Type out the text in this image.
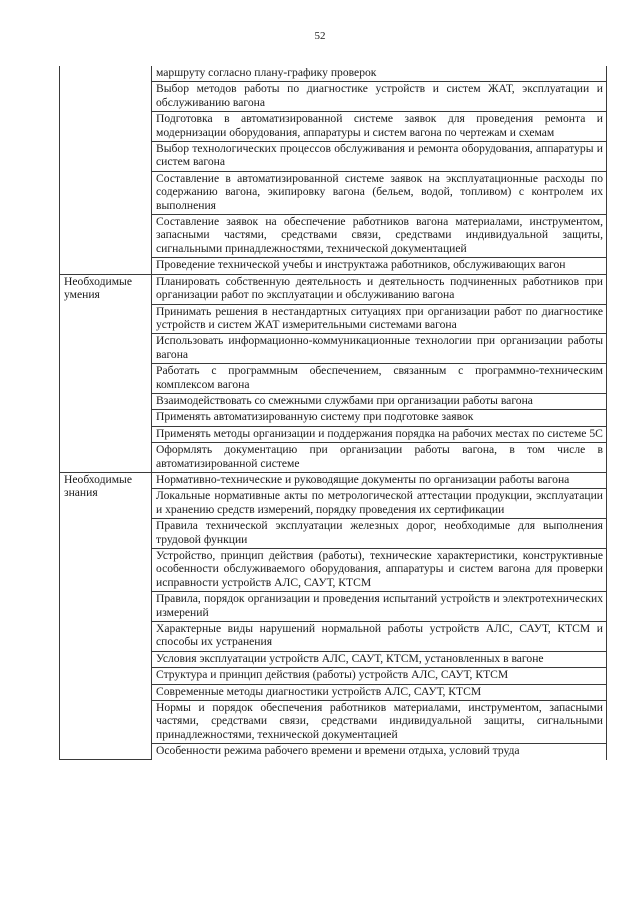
52
	маршруту согласно плану-графику проверок
	Выбор методов работы по диагностике устройств и систем ЖАТ, эксплуатации и обслуживанию вагона
	Подготовка в автоматизированной системе заявок для проведения ремонта и модернизации оборудования, аппаратуры и систем вагона по чертежам и схемам
	Выбор технологических процессов обслуживания и ремонта оборудования, аппаратуры и систем вагона
	Составление в автоматизированной системе заявок на эксплуатационные расходы по содержанию вагона, экипировку вагона (бельем, водой, топливом) с контролем их выполнения
	Составление заявок на обеспечение работников вагона материалами, инструментом, запасными частями, средствами связи, средствами индивидуальной защиты, сигнальными принадлежностями, технической документацией
	Проведение технической учебы и инструктажа работников, обслуживающих вагон
Необходимые умения	Планировать собственную деятельность и деятельность подчиненных работников при организации работ по эксплуатации и обслуживанию вагона
	Принимать решения в нестандартных ситуациях при организации работ по диагностике устройств и систем ЖАТ измерительными системами вагона
	Использовать информационно-коммуникационные технологии при организации работы вагона
	Работать с программным обеспечением, связанным с программно-техническим комплексом вагона
	Взаимодействовать со смежными службами при организации работы вагона
	Применять автоматизированную систему при подготовке заявок
	Применять методы организации и поддержания порядка на рабочих местах по системе 5С
	Оформлять документацию при организации работы вагона, в том числе в автоматизированной системе
Необходимые знания	Нормативно-технические и руководящие документы по организации работы вагона
	Локальные нормативные акты по метрологической аттестации продукции, эксплуатации и хранению средств измерений, порядку проведения их сертификации
	Правила технической эксплуатации железных дорог, необходимые для выполнения трудовой функции
	Устройство, принцип действия (работы), технические характеристики, конструктивные особенности обслуживаемого оборудования, аппаратуры и систем вагона для проверки исправности устройств АЛС, САУТ, КТСМ
	Правила, порядок организации и проведения испытаний устройств и электротехнических измерений
	Характерные виды нарушений нормальной работы устройств АЛС, САУТ, КТСМ и способы их устранения
	Условия эксплуатации устройств АЛС, САУТ, КТСМ, установленных в вагоне
	Структура и принцип действия (работы) устройств АЛС, САУТ, КТСМ
	Современные методы диагностики устройств АЛС, САУТ, КТСМ
	Нормы и порядок обеспечения работников материалами, инструментом, запасными частями, средствами связи, средствами индивидуальной защиты, сигнальными принадлежностями, технической документацией
	Особенности режима рабочего времени и времени отдыха, условий труда
